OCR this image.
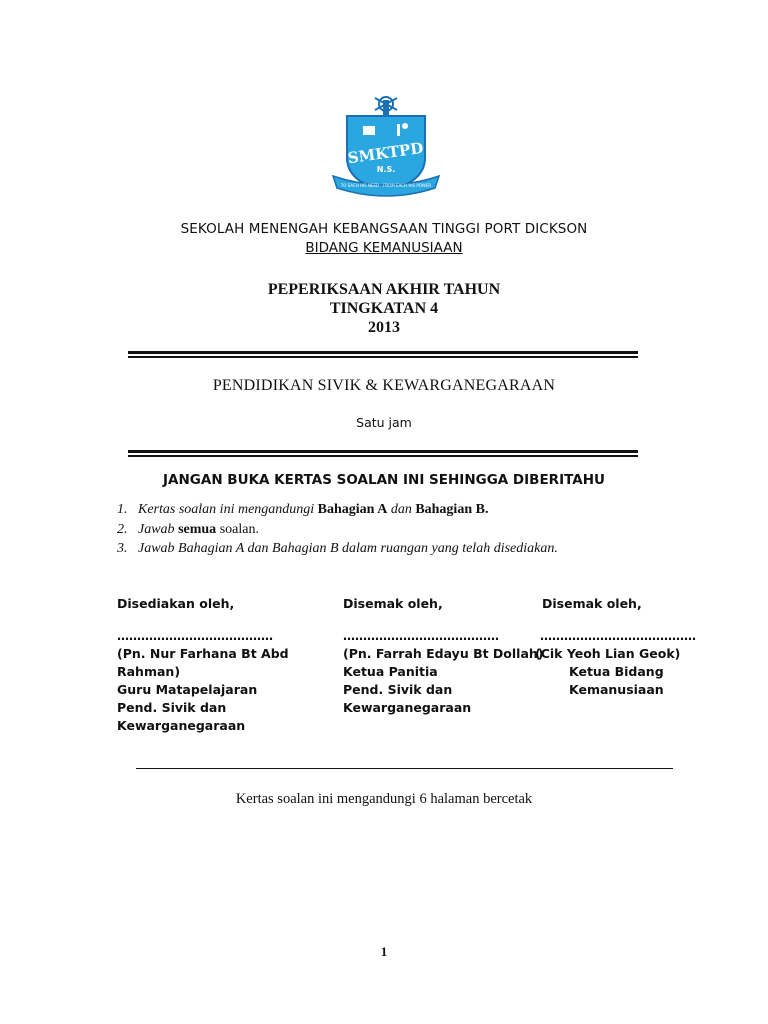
SMKTPD
N.S.
TO EACH HIS NEED - FROM EACH HIS POWER
SEKOLAH MENENGAH KEBANGSAAN TINGGI PORT DICKSON
BIDANG KEMANUSIAAN
PEPERIKSAAN AKHIR TAHUN
TINGKATAN 4
2013
PENDIDIKAN SIVIK & KEWARGANEGARAAN
Satu jam
JANGAN BUKA KERTAS SOALAN INI SEHINGGA DIBERITAHU
1. Kertas soalan ini mengandungi Bahagian A dan Bahagian B.
2. Jawab semua soalan.
3. Jawab Bahagian A dan Bahagian B dalam ruangan yang telah disediakan.
Disediakan oleh,
…………………………………
(Pn. Nur Farhana Bt Abd Rahman)
Guru Matapelajaran
Pend. Sivik dan Kewarganegaraan
Disemak oleh,
…………………………………
(Pn. Farrah Edayu Bt Dollah)
Ketua Panitia
Pend. Sivik dan Kewarganegaraan
Disemak oleh,
…………………………………
(Cik Yeoh Lian Geok)
Ketua Bidang
Kemanusiaan
Kertas soalan ini mengandungi 6 halaman bercetak
1
